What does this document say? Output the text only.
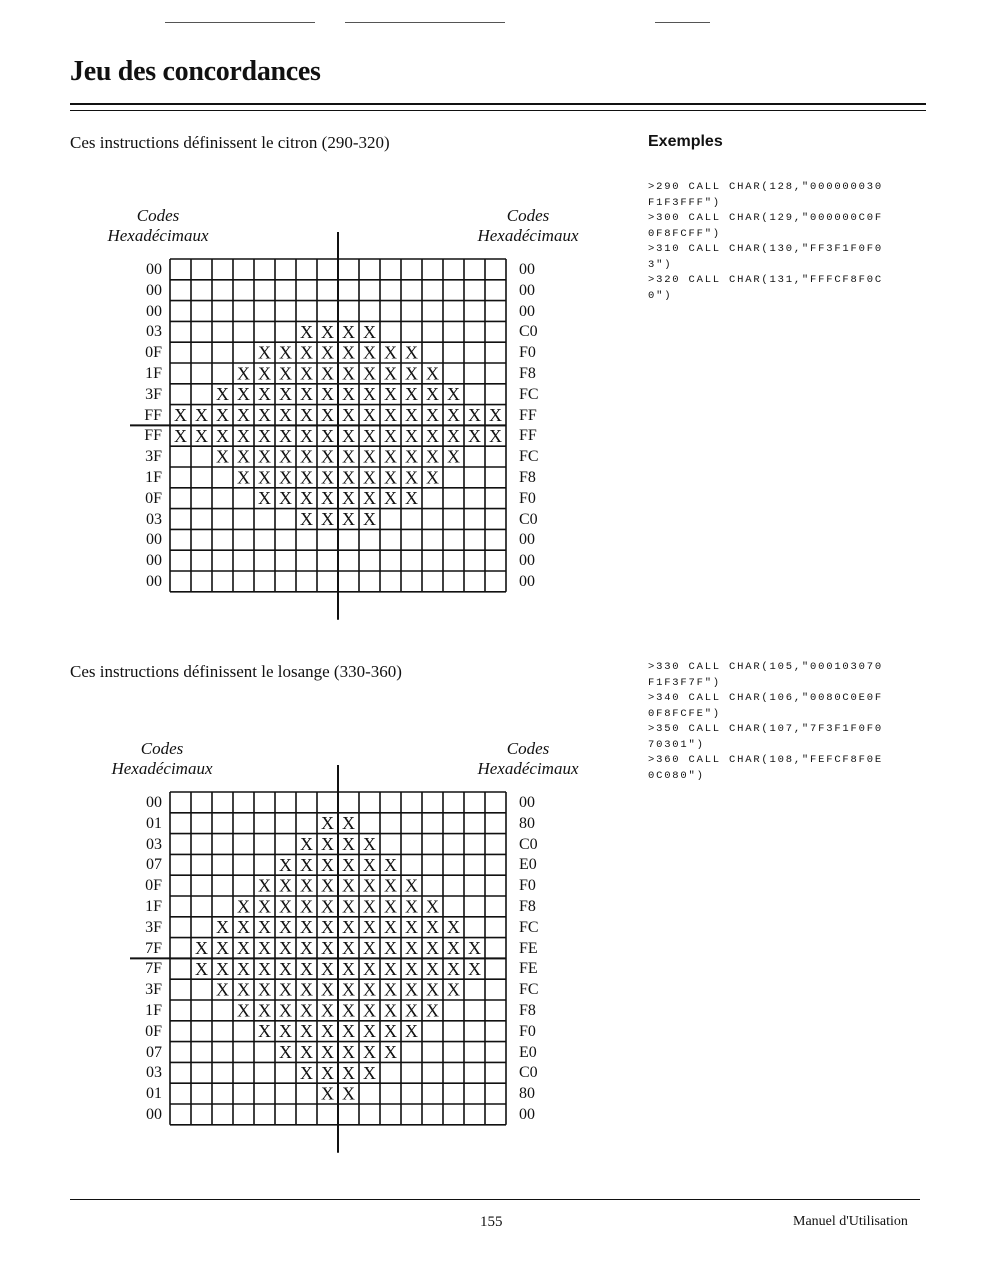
Jeu des concordances
Ces instructions définissent le citron (290-320)
Codes
Hexadécimaux
Codes
Hexadécimaux
X X X X
X X X X X X X X
X X X X X X X X X X
X X X X X X X X X X X X
X X X X X X X X X X X X X X X X
X X X X X X X X X X X X X X X X
X X X X X X X X X X X X
X X X X X X X X X X
X X X X X X X X
X X X X
00
00
00
03
0F
1F
3F
FF
FF
3F
1F
0F
03
00
00
00
00
00
00
C0
F0
F8
FC
FF
FF
FC
F8
F0
C0
00
00
00
Exemples
>290 CALL CHAR(128,"000000030
F1F3FFF")
>300 CALL CHAR(129,"000000C0F
0F8FCFF")
>310 CALL CHAR(130,"FF3F1F0F0
3")
>320 CALL CHAR(131,"FFFCF8F0C
0")
Ces instructions définissent le losange (330-360)	>330 CALL CHAR(105,"000103070
F1F3F7F")
>340 CALL CHAR(106,"0080C0E0F
0F8FCFE")
>350 CALL CHAR(107,"7F3F1F0F0
70301")
>360 CALL CHAR(108,"FEFCF8F0E
0C080")
Codes
Hexadécimaux
Codes
Hexadécimaux
X X
X X X X
X X X X X X
X X X X X X X X
X X X X X X X X X X
X X X X X X X X X X X X
X X X X X X X X X X X X X X
X X X X X X X X X X X X X X
X X X X X X X X X X X X
X X X X X X X X X X
X X X X X X X X
X X X X X X
X X X X
X X
00
01
03
07
0F
1F
3F
7F
7F
3F
1F
0F
07
03
01
00
00
80
C0
E0
F0
F8
FC
FE
FE
FC
F8
F0
E0
C0
80
00
155	Manuel d'Utilisation
